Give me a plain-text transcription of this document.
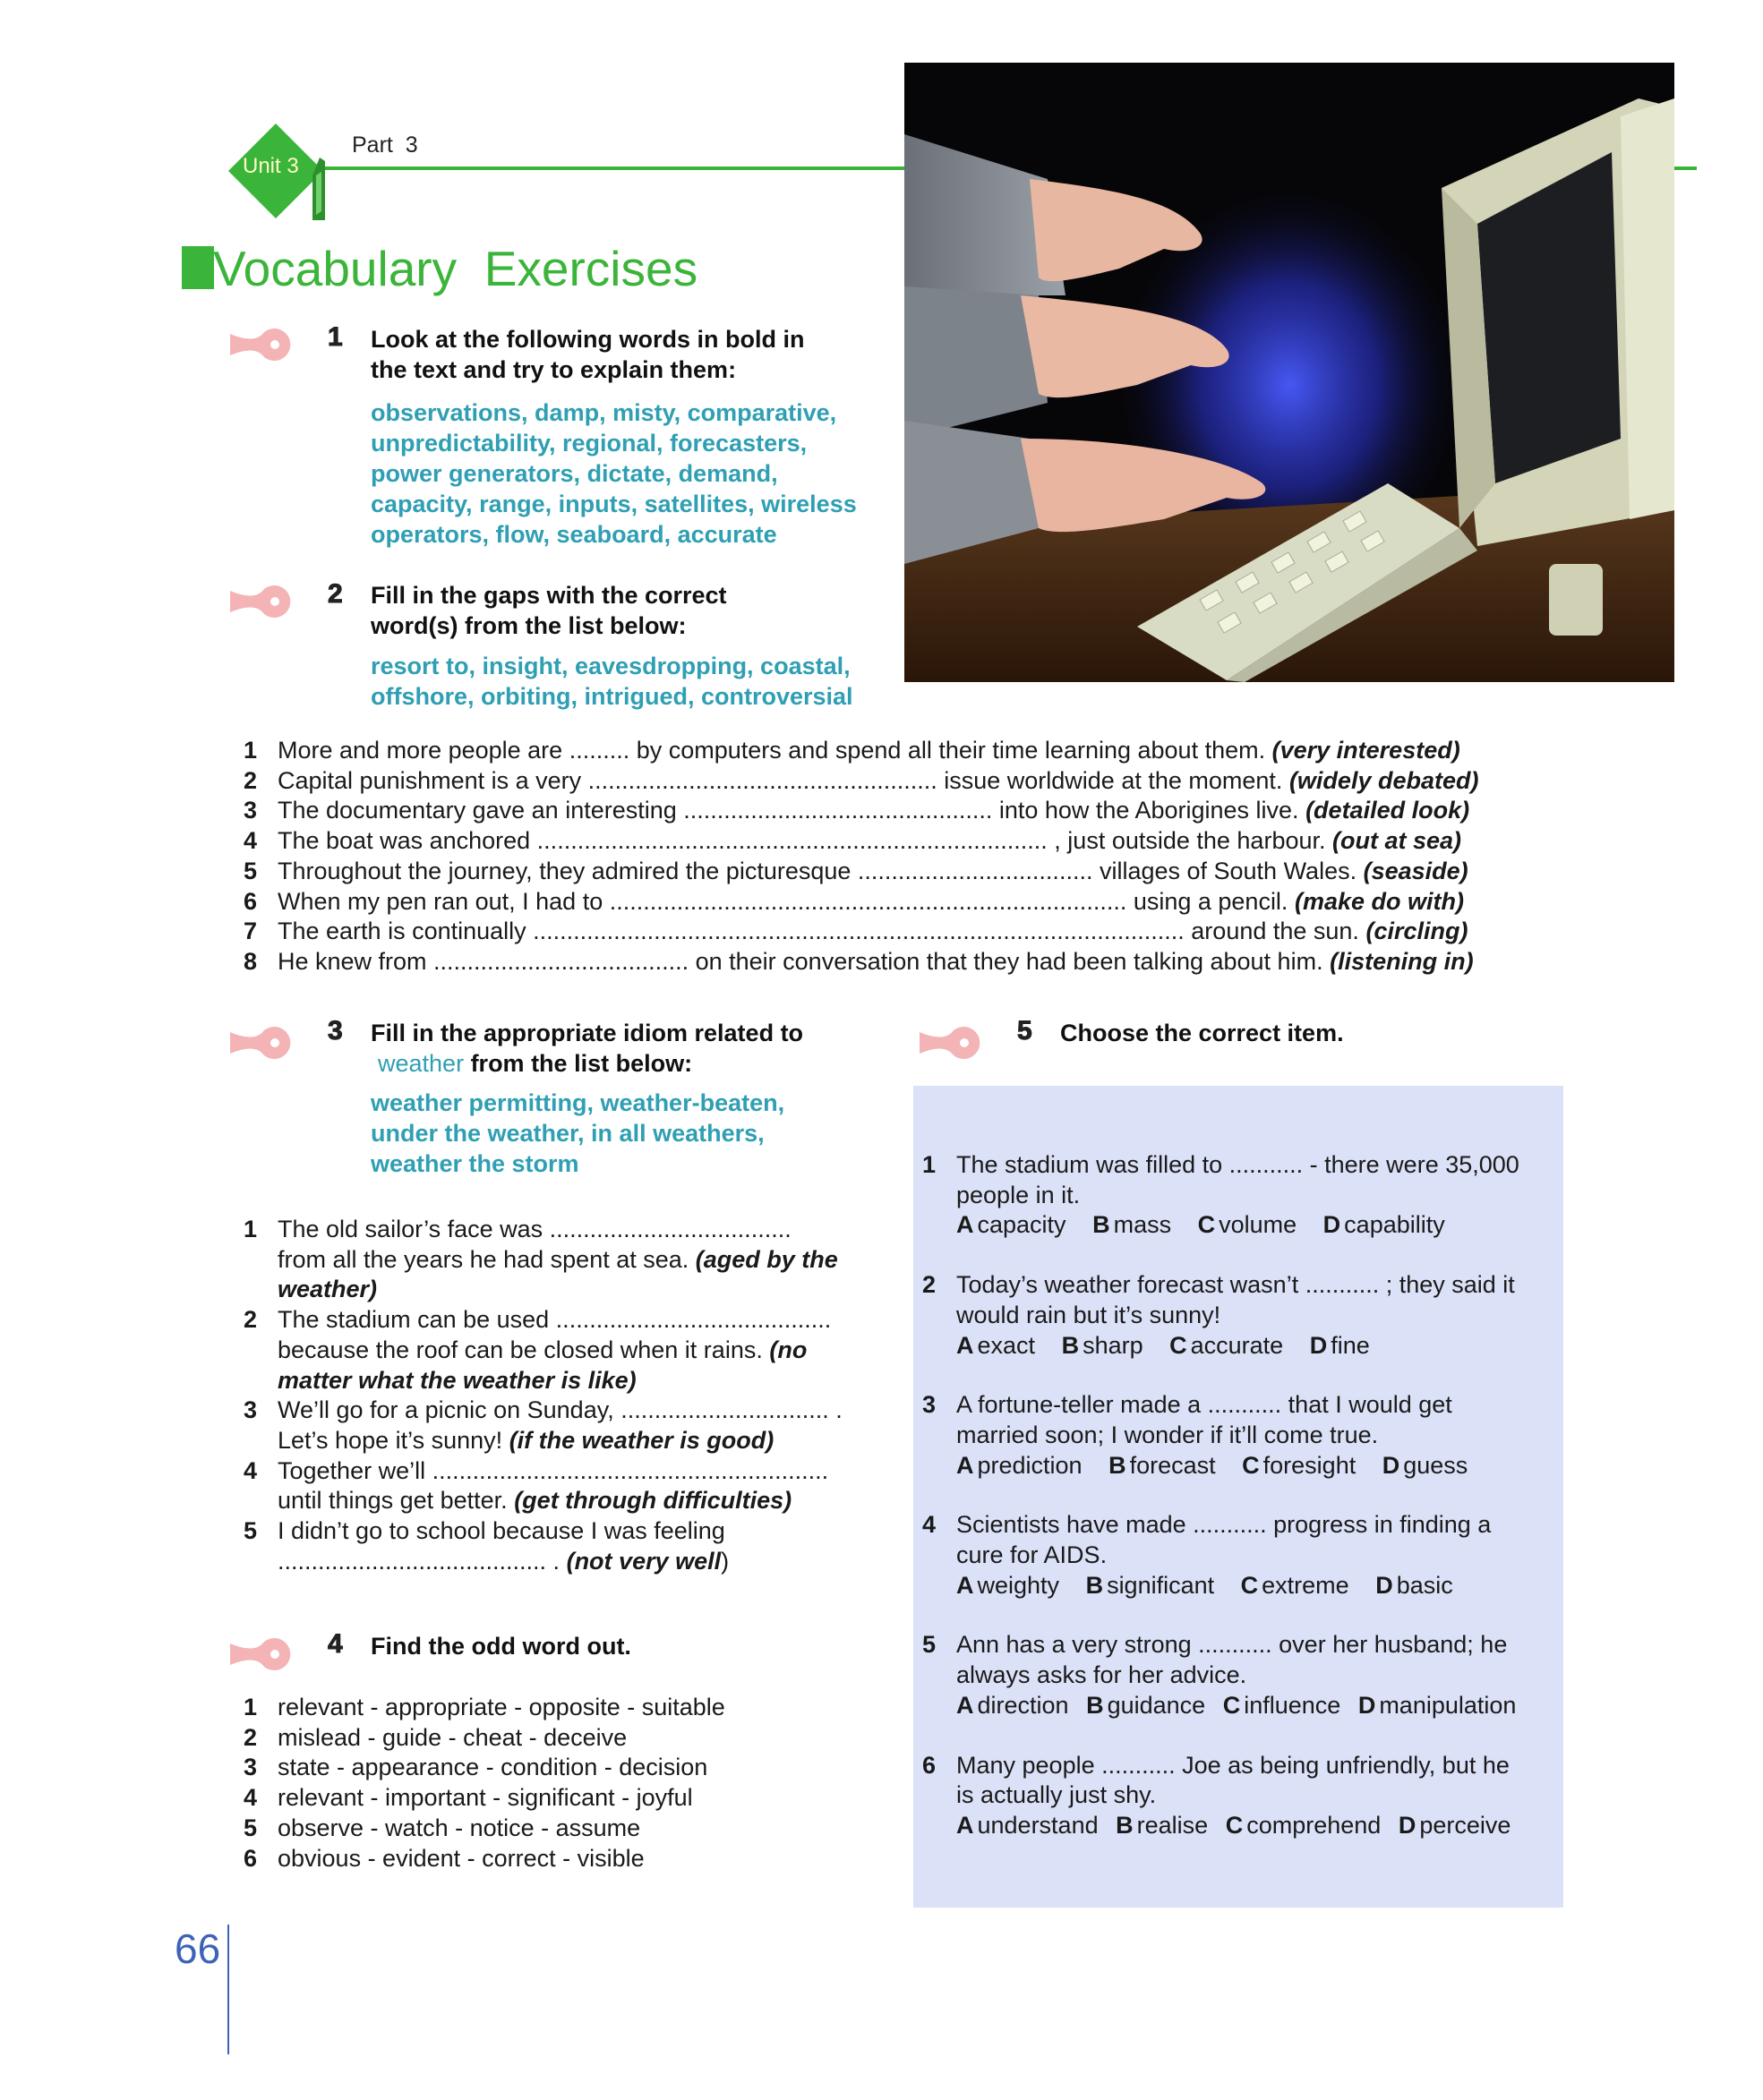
Unit 3
Part  3
Vocabulary  Exercises
1 Look at the following words in bold in
the text and try to explain them:
observations, damp, misty, comparative,
unpredictability, regional, forecasters,
power generators, dictate, demand,
capacity, range, inputs, satellites, wireless
operators, flow, seaboard, accurate
2 Fill in the gaps with the correct
word(s) from the list below:
resort to, insight, eavesdropping, coastal,
offshore, orbiting, intrigued, controversial
1 More and more people are ......... by computers and spend all their time learning about them. (very interested)
2 Capital punishment is a very .................................................... issue worldwide at the moment. (widely debated)
3 The documentary gave an interesting .............................................. into how the Aborigines live. (detailed look)
4 The boat was anchored ............................................................................ , just outside the harbour. (out at sea)
5 Throughout the journey, they admired the picturesque ................................... villages of South Wales. (seaside)
6 When my pen ran out, I had to ............................................................................. using a pencil. (make do with)
7 The earth is continually ................................................................................................. around the sun. (circling)
8 He knew from ...................................... on their conversation that they had been talking about him. (listening in)
3 Fill in the appropriate idiom related to
weather from the list below:
weather permitting, weather-beaten,
under the weather, in all weathers,
weather the storm
1 The old sailor’s face was ....................................
from all the years he had spent at sea. (aged by the
weather)
2 The stadium can be used .........................................
because the roof can be closed when it rains. (no
matter what the weather is like)
3 We’ll go for a picnic on Sunday, ............................... .
Let’s hope it’s sunny! (if the weather is good)
4 Together we’ll ...........................................................
until things get better. (get through difficulties)
5 I didn’t go to school because I was feeling
........................................ . (not very well)
4 Find the odd word out.
1 relevant - appropriate - opposite - suitable
2 mislead - guide - cheat - deceive
3 state - appearance - condition - decision
4 relevant - important - significant - joyful
5 observe - watch - notice - assume
6 obvious - evident - correct - visible
5 Choose the correct item.
1 The stadium was filled to ........... - there were 35,000
people in it.
A capacity B mass C volume D capability
2 Today’s weather forecast wasn’t ........... ; they said it
would rain but it’s sunny!
A exact B sharp C accurate D fine
3 A fortune-teller made a ........... that I would get
married soon; I wonder if it’ll come true.
A prediction B forecast C foresight D guess
4 Scientists have made ........... progress in finding a
cure for AIDS.
A weighty B significant C extreme D basic
5 Ann has a very strong ........... over her husband; he
always asks for her advice.
A direction B guidance C influence D manipulation
6 Many people ........... Joe as being unfriendly, but he
is actually just shy.
A understand B realise C comprehend D perceive
66
